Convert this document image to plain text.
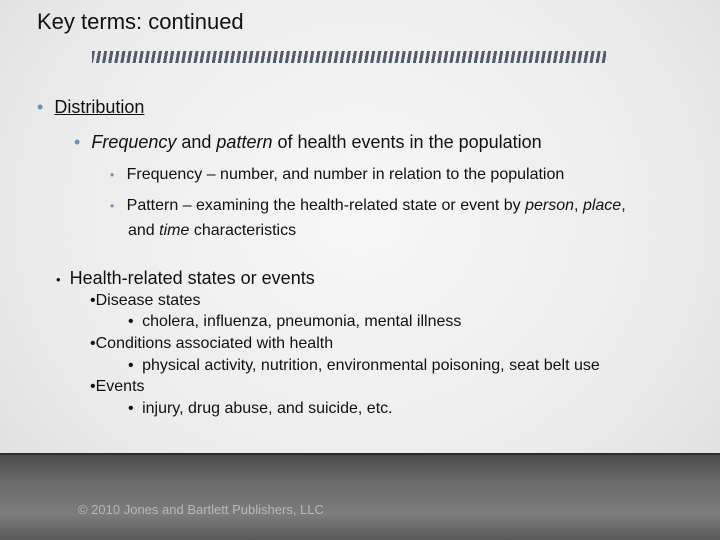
Key terms: continued
• Distribution
• Frequency and pattern of health events in the population
• Frequency – number, and number in relation to the population
• Pattern – examining the health-related state or event by person, place,
and time characteristics
• Health-related states or events
•Disease states
• cholera, influenza, pneumonia, mental illness
•Conditions associated with health
• physical activity, nutrition, environmental poisoning, seat belt use
•Events
• injury, drug abuse, and suicide, etc.
© 2010 Jones and Bartlett Publishers, LLC
